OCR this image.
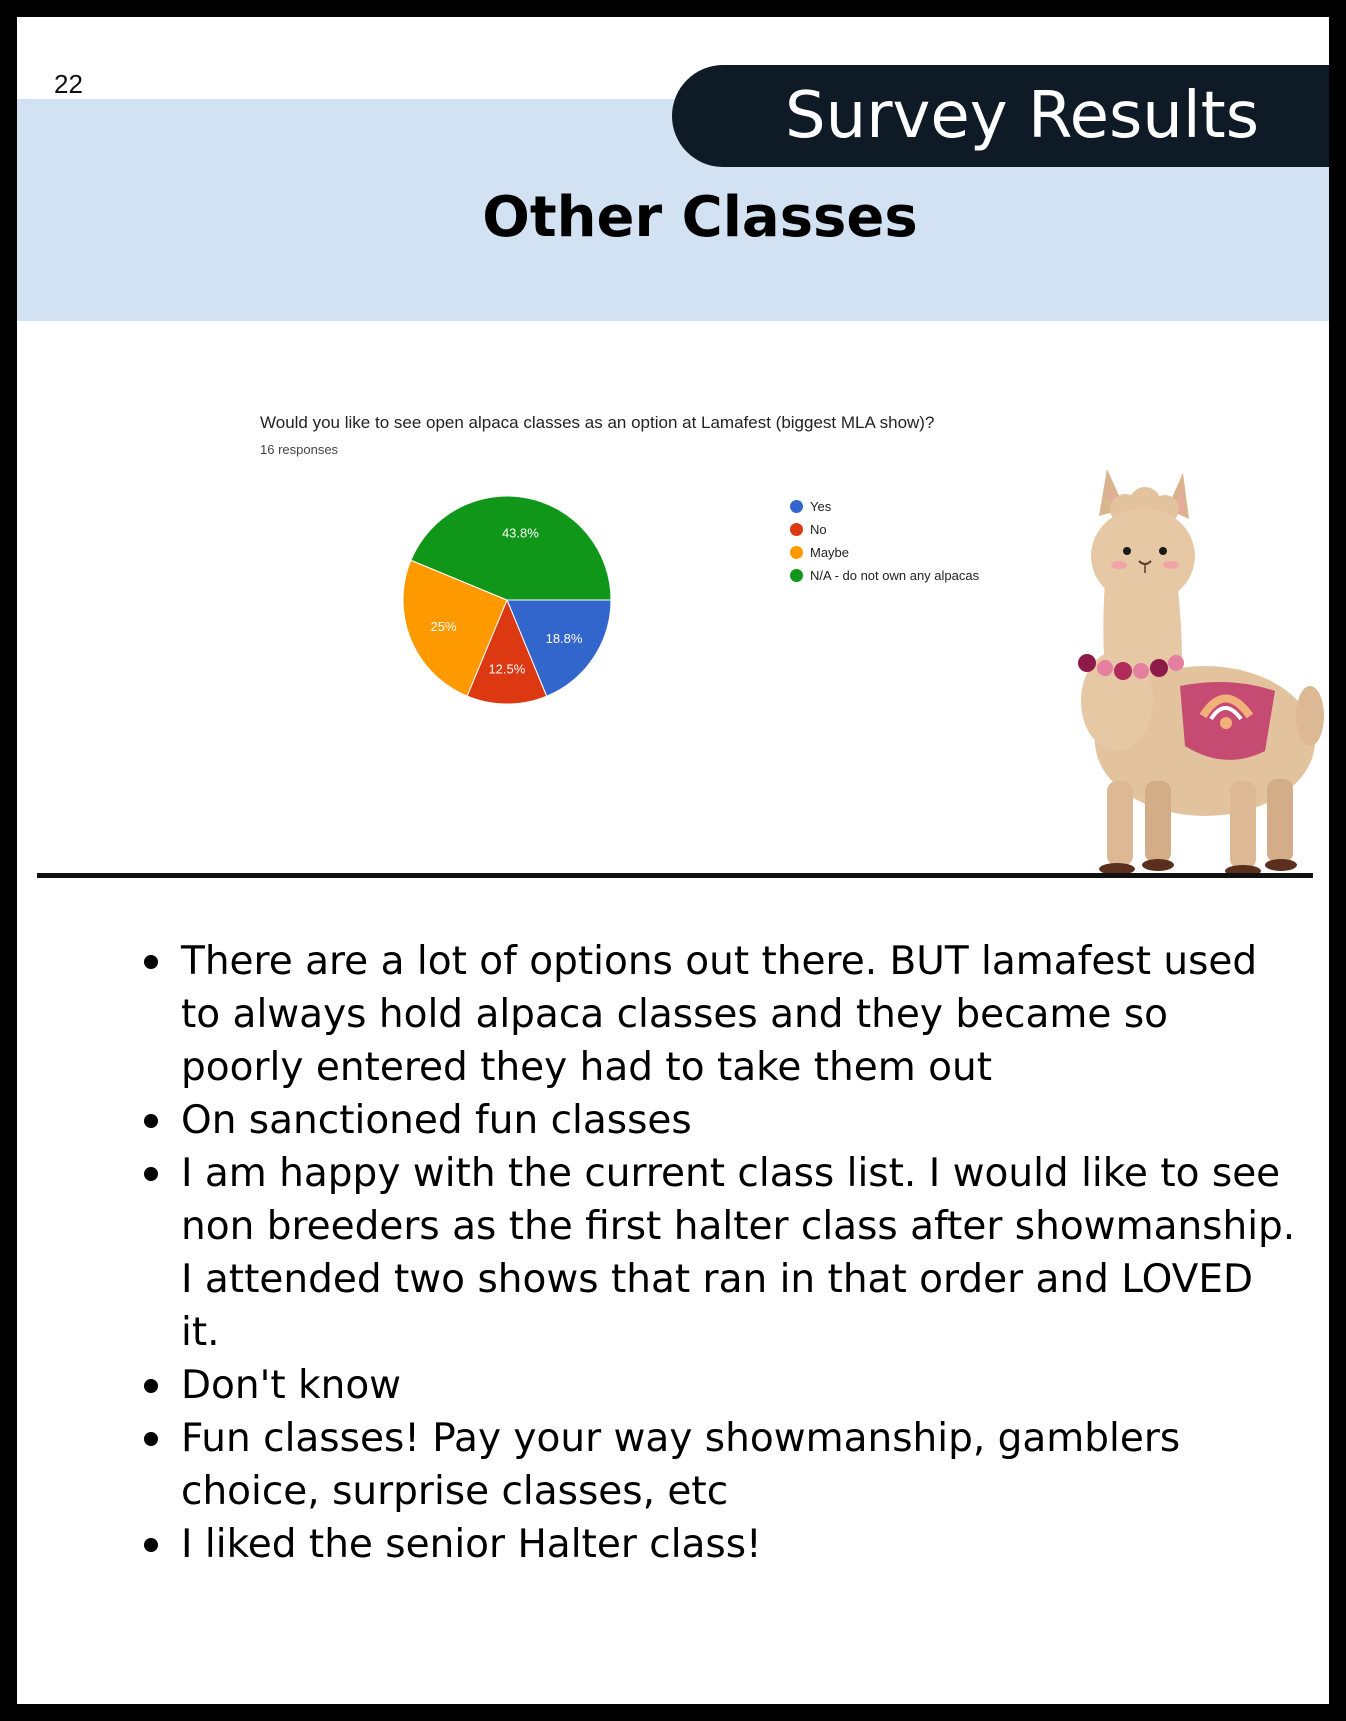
22	Survey Results
Other Classes
Would you like to see open alpaca classes as an option at Lamafest (biggest MLA show)?
16 responses
18.8%
12.5%
25%
43.8%
Yes
No
Maybe
N/A - do not own any alpacas
There are a lot of options out there. BUT lamafest used to always hold alpaca classes and they became so poorly entered they had to take them out
On sanctioned fun classes
I am happy with the current class list. I would like to see non breeders as the first halter class after showmanship. I attended two shows that ran in that order and LOVED it.
Don't know
Fun classes! Pay your way showmanship, gamblers choice, surprise classes, etc
I liked the senior Halter class!
